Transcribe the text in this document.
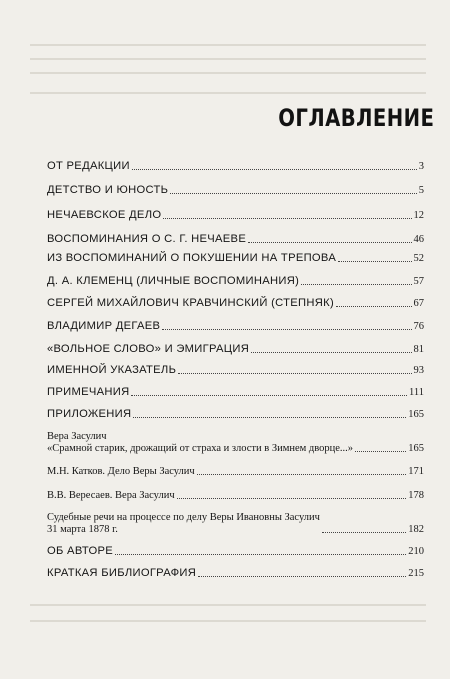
ОГЛАВЛЕНИЕ
ОТ РЕДАКЦИИ	3
ДЕТСТВО И ЮНОСТЬ	5
НЕЧАЕВСКОЕ ДЕЛО	12
ВОСПОМИНАНИЯ О С. Г. НЕЧАЕВЕ	46
ИЗ ВОСПОМИНАНИЙ О ПОКУШЕНИИ НА ТРЕПОВА	52
Д. А. КЛЕМЕНЦ (ЛИЧНЫЕ ВОСПОМИНАНИЯ)	57
СЕРГЕЙ МИХАЙЛОВИЧ КРАВЧИНСКИЙ (СТЕПНЯК)	67
ВЛАДИМИР ДЕГАЕВ	76
«ВОЛЬНОЕ СЛОВО» И ЭМИГРАЦИЯ	81
ИМЕННОЙ УКАЗАТЕЛЬ	93
ПРИМЕЧАНИЯ	111
ПРИЛОЖЕНИЯ	165
Вера Засулич
«Срамной старик, дрожащий от страха и злости в Зимнем дворце...»	165
М.Н. Катков. Дело Веры Засулич	171
В.В. Вересаев. Вера Засулич	178
Судебные речи на процессе по делу Веры Ивановны Засулич
31 марта 1878 г.	182
ОБ АВТОРЕ	210
КРАТКАЯ БИБЛИОГРАФИЯ	215
